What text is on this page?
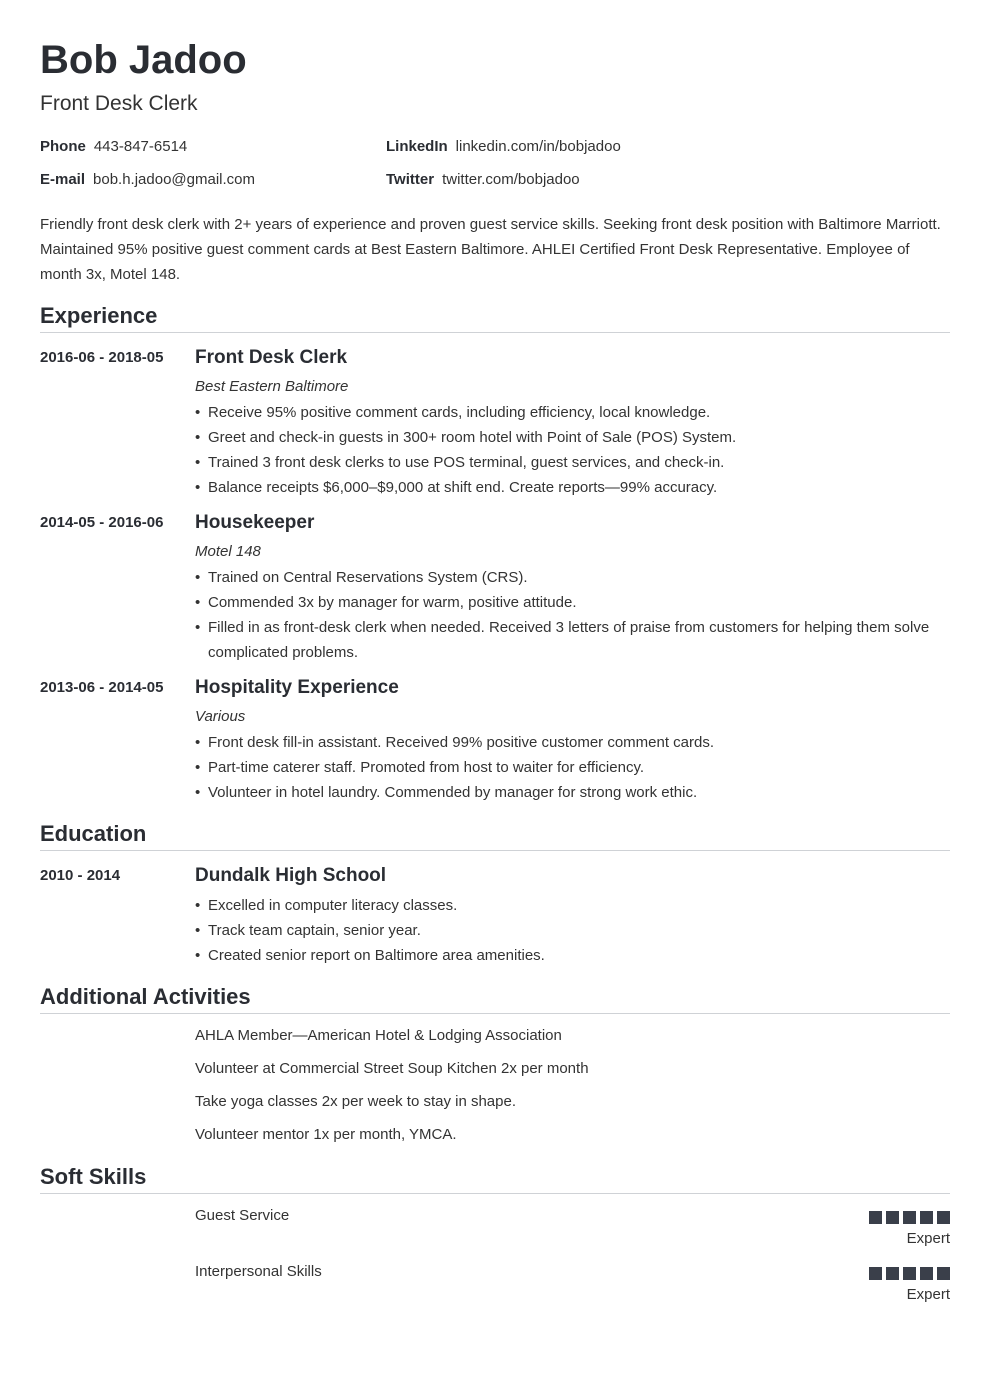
Bob Jadoo
Front Desk Clerk
Phone 443-847-6514
E-mail bob.h.jadoo@gmail.com
LinkedIn linkedin.com/in/bobjadoo
Twitter twitter.com/bobjadoo

Friendly front desk clerk with 2+ years of experience and proven guest service skills. Seeking front desk position with Baltimore Marriott. Maintained 95% positive guest comment cards at Best Eastern Baltimore. AHLEI Certified Front Desk Representative. Employee of month 3x, Motel 148.

Experience
2016-06 - 2018-05 Front Desk Clerk
Best Eastern Baltimore
• Receive 95% positive comment cards, including efficiency, local knowledge.
• Greet and check-in guests in 300+ room hotel with Point of Sale (POS) System.
• Trained 3 front desk clerks to use POS terminal, guest services, and check-in.
• Balance receipts $6,000–$9,000 at shift end. Create reports—99% accuracy.
2014-05 - 2016-06 Housekeeper
Motel 148
• Trained on Central Reservations System (CRS).
• Commended 3x by manager for warm, positive attitude.
• Filled in as front-desk clerk when needed. Received 3 letters of praise from customers for helping them solve complicated problems.
2013-06 - 2014-05 Hospitality Experience
Various
• Front desk fill-in assistant. Received 99% positive customer comment cards.
• Part-time caterer staff. Promoted from host to waiter for efficiency.
• Volunteer in hotel laundry. Commended by manager for strong work ethic.
Education
2010 - 2014	Dundalk High School
• Excelled in computer literacy classes.
• Track team captain, senior year.
• Created senior report on Baltimore area amenities.
Additional Activities
AHLA Member—American Hotel & Lodging Association
Volunteer at Commercial Street Soup Kitchen 2x per month
Take yoga classes 2x per week to stay in shape.
Volunteer mentor 1x per month, YMCA.
Soft Skills
Guest Service
Expert
Interpersonal Skills
Expert
